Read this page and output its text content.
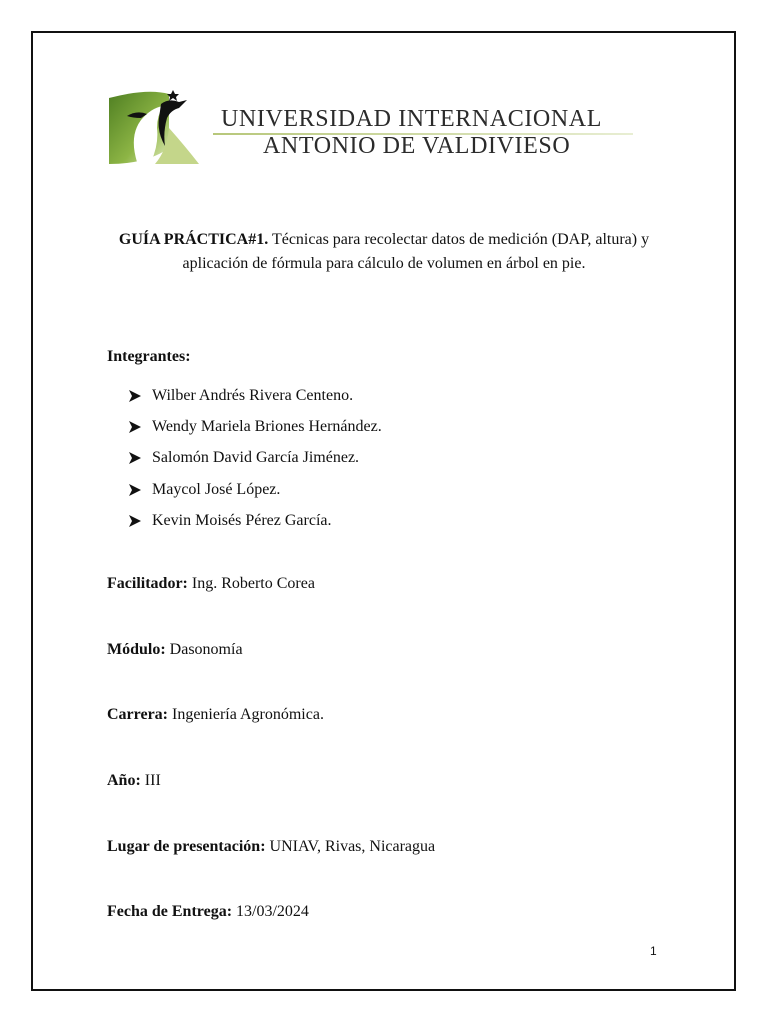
UNIVERSIDAD INTERNACIONAL
ANTONIO DE VALDIVIESO
GUÍA PRÁCTICA#1. Técnicas para recolectar datos de medición (DAP, altura) y aplicación de fórmula para cálculo de volumen en árbol en pie.
Integrantes:
Wilber Andrés Rivera Centeno.
Wendy Mariela Briones Hernández.
Salomón David García Jiménez.
Maycol José López.
Kevin Moisés Pérez García.
Facilitador: Ing. Roberto Corea
Módulo: Dasonomía
Carrera: Ingeniería Agronómica.
Año: III
Lugar de presentación: UNIAV, Rivas, Nicaragua
Fecha de Entrega: 13/03/2024
1
